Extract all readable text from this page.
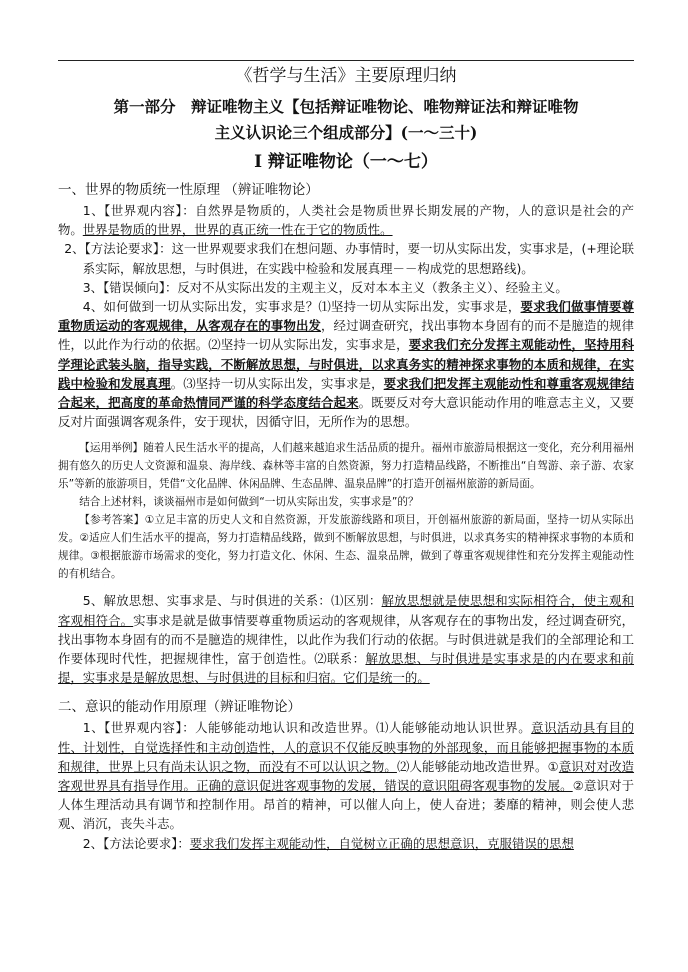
《哲学与生活》主要原理归纳
第一部分　辩证唯物主义【包括辩证唯物论、唯物辩证法和辩证唯物
主义认识论三个组成部分】(一～三十)
Ⅰ 辩证唯物论（一～七）
一、世界的物质统一性原理 （辨证唯物论）

1、【世界观内容】：自然界是物质的，人类社会是物质世界长期发展的产物，人的意识是社会的产物。世界是物质的世界，世界的真正统一性在于它的物质性。

2、【方法论要求】：这一世界观要求我们在想问题、办事情时，要一切从实际出发，实事求是，(+理论联系实际，解放思想，与时俱进，在实践中检验和发展真理－－构成党的思想路线)。

3、【错误倾向】：反对不从实际出发的主观主义，反对本本主义（教条主义）、经验主义。

4、如何做到一切从实际出发，实事求是？⑴坚持一切从实际出发，实事求是，要求我们做事情要尊重物质运动的客观规律，从客观存在的事物出发，经过调查研究，找出事物本身固有的而不是臆造的规律性，以此作为行动的依据。⑵坚持一切从实际出发，实事求是，要求我们充分发挥主观能动性，坚持用科学理论武装头脑，指导实践，不断解放思想，与时俱进，以求真务实的精神探求事物的本质和规律，在实践中检验和发展真理。⑶坚持一切从实际出发，实事求是，要求我们把发挥主观能动性和尊重客观规律结合起来，把高度的革命热情同严谨的科学态度结合起来。既要反对夸大意识能动作用的唯意志主义，又要反对片面强调客观条件，安于现状，因循守旧，无所作为的思想。

【运用举例】随着人民生活水平的提高，人们越来越追求生活品质的提升。福州市旅游局根据这一变化，充分利用福州拥有悠久的历史人文资源和温泉、海岸线、森林等丰富的自然资源，努力打造精品线路，不断推出“自驾游、亲子游、农家乐”等新的旅游项目，凭借“文化品牌、休闲品牌、生态品牌、温泉品牌”的打造开创福州旅游的新局面。

结合上述材料，谈谈福州市是如何做到“一切从实际出发，实事求是”的？

【参考答案】①立足丰富的历史人文和自然资源，开发旅游线路和项目，开创福州旅游的新局面，坚持一切从实际出发。②适应人们生活水平的提高，努力打造精品线路，做到不断解放思想，与时俱进，以求真务实的精神探求事物的本质和规律。③根据旅游市场需求的变化，努力打造文化、休闲、生态、温泉品牌，做到了尊重客观规律性和充分发挥主观能动性的有机结合。

5、解放思想、实事求是、与时俱进的关系：⑴区别：解放思想就是使思想和实际相符合，使主观和客观相符合。实事求是就是做事情要尊重物质运动的客观规律，从客观存在的事物出发，经过调查研究，找出事物本身固有的而不是臆造的规律性，以此作为我们行动的依据。与时俱进就是我们的全部理论和工作要体现时代性，把握规律性，富于创造性。⑵联系：解放思想、与时俱进是实事求是的内在要求和前提，实事求是是解放思想、与时俱进的目标和归宿。它们是统一的。

二、意识的能动作用原理（辨证唯物论）

1、【世界观内容】：人能够能动地认识和改造世界。⑴人能够能动地认识世界。意识活动具有目的性、计划性，自觉选择性和主动创造性，人的意识不仅能反映事物的外部现象，而且能够把握事物的本质和规律，世界上只有尚未认识之物，而没有不可以认识之物。⑵人能够能动地改造世界。①意识对对改造客观世界具有指导作用。正确的意识促进客观事物的发展，错误的意识阻碍客观事物的发展。②意识对于人体生理活动具有调节和控制作用。昂首的精神，可以催人向上，使人奋进；萎靡的精神，则会使人悲观、消沉，丧失斗志。

2、【方法论要求】：要求我们发挥主观能动性，自觉树立正确的思想意识，克服错误的思想
